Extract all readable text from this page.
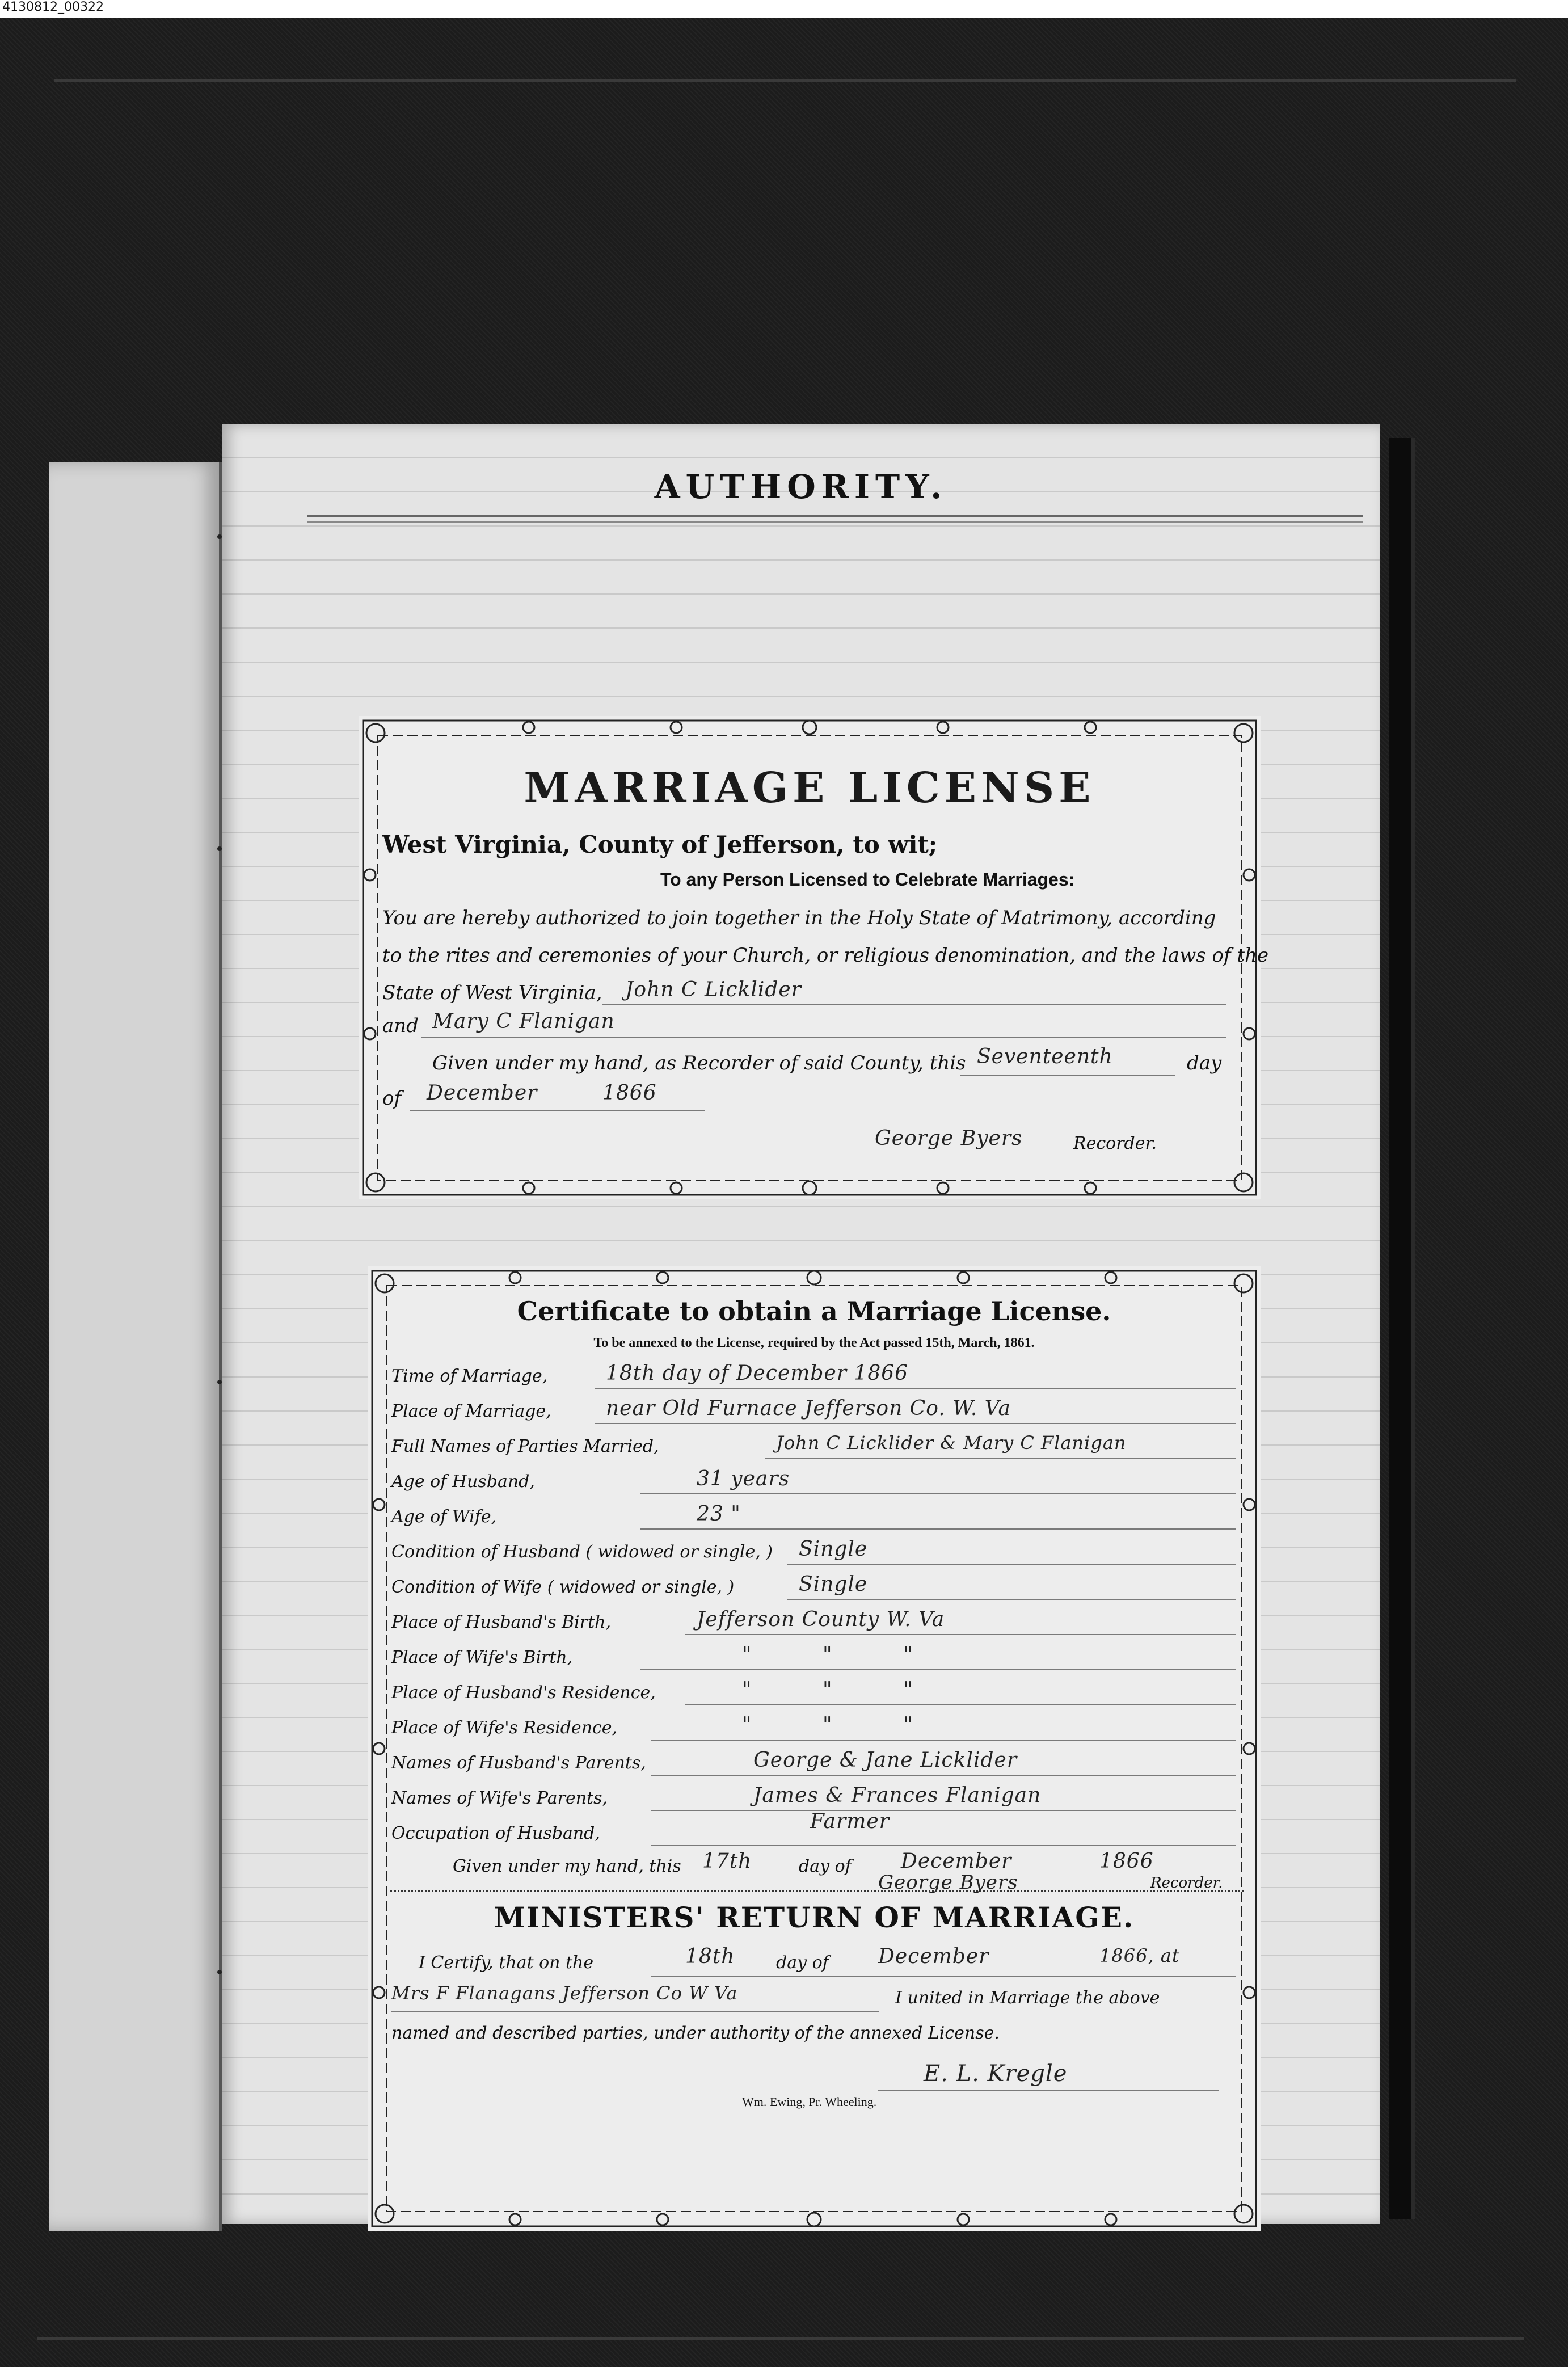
4130812_00322
AUTHORITY.
MARRIAGE LICENSE
West Virginia, County of Jefferson, to wit;
To any Person Licensed to Celebrate Marriages:
You are hereby authorized to join together in the Holy State of Matrimony, according
to the rites and ceremonies of your Church, or religious denomination, and the laws of the
State of West Virginia, John C Licklider
and Mary C Flanigan
Given under my hand, as Recorder of said County, this Seventeenth	day
of December	1866
George Byers	Recorder.
Certificate to obtain a Marriage License.
To be annexed to the License, required by the Act passed 15th, March, 1861.
Time of Marriage,	18th day of December 1866
Place of Marriage,	near Old Furnace Jefferson Co. W. Va
Full Names of Parties Married,	John C Licklider & Mary C Flanigan
Age of Husband,	31 years
Age of Wife,	23 "
Condition of Husband ( widowed or single, ) Single
Condition of Wife ( widowed or single, )	Single
Place of Husband's Birth,	Jefferson County W. Va
Place of Wife's Birth,	"          "          "
Place of Husband's Residence,	"          "          "
Place of Wife's Residence,	"          "          "
Names of Husband's Parents,	George & Jane Licklider
Names of Wife's Parents,	James & Frances Flanigan
Occupation of Husband,
Farmer
Given under my hand, this 17th	day of December	1866
George Byers	Recorder.
MINISTERS' RETURN OF MARRIAGE.
I Certify, that on the	18th day of December	1866, at
Mrs F Flanagans Jefferson Co W Va	I united in Marriage the above
named and described parties, under authority of the annexed License.
E. L. Kregle
Wm. Ewing, Pr. Wheeling.
